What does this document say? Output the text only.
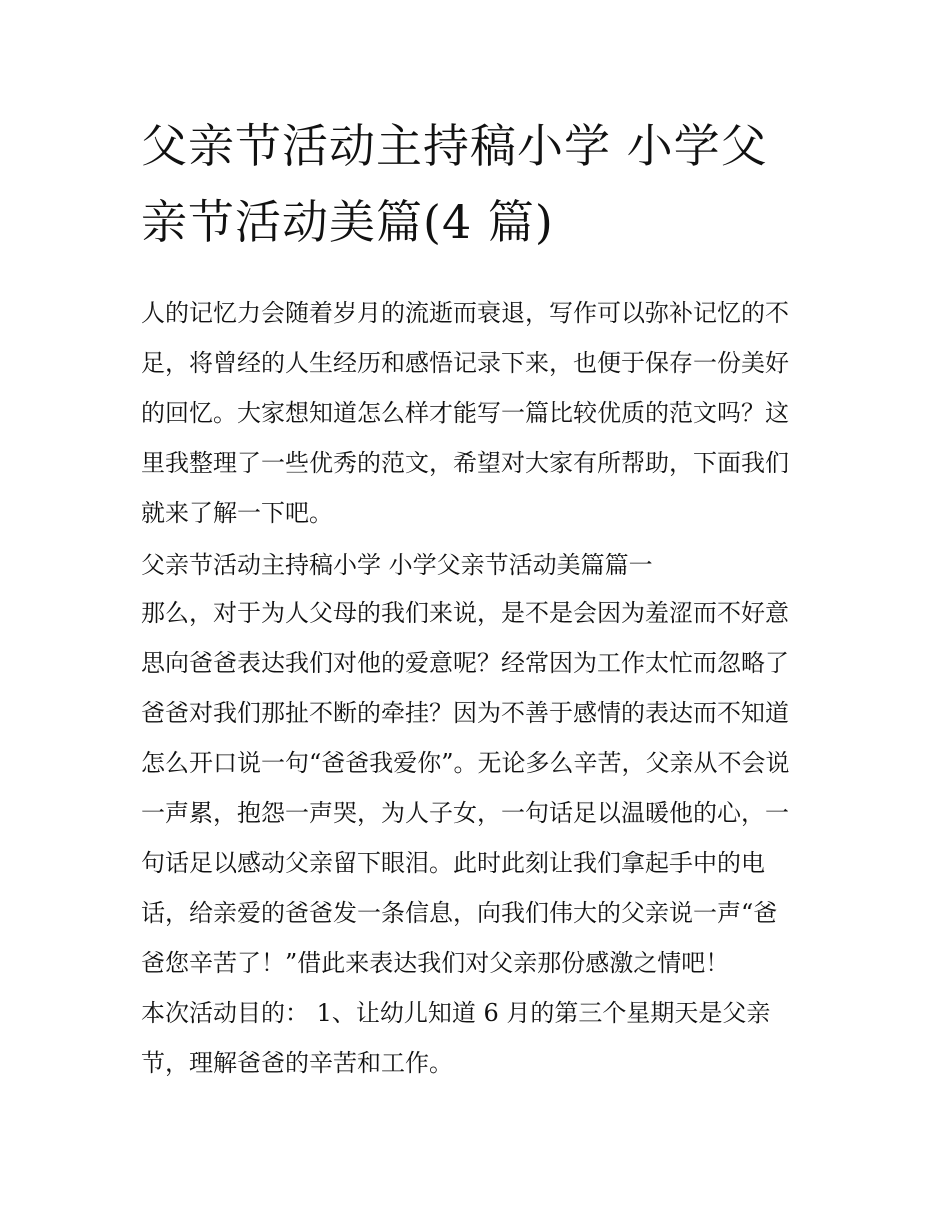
父亲节活动主持稿小学 小学父
亲节活动美篇(4 篇)

人的记忆力会随着岁月的流逝而衰退，写作可以弥补记忆的不
足，将曾经的人生经历和感悟记录下来，也便于保存一份美好
的回忆。大家想知道怎么样才能写一篇比较优质的范文吗？这
里我整理了一些优秀的范文，希望对大家有所帮助，下面我们
就来了解一下吧。

父亲节活动主持稿小学 小学父亲节活动美篇篇一

那么，对于为人父母的我们来说，是不是会因为羞涩而不好意
思向爸爸表达我们对他的爱意呢？经常因为工作太忙而忽略了
爸爸对我们那扯不断的牵挂？因为不善于感情的表达而不知道
怎么开口说一句“爸爸我爱你”。无论多么辛苦，父亲从不会说
一声累，抱怨一声哭，为人子女，一句话足以温暖他的心，一
句话足以感动父亲留下眼泪。此时此刻让我们拿起手中的电
话，给亲爱的爸爸发一条信息，向我们伟大的父亲说一声“爸
爸您辛苦了！”借此来表达我们对父亲那份感激之情吧！

本次活动目的： 1、让幼儿知道 6 月的第三个星期天是父亲
节，理解爸爸的辛苦和工作。
